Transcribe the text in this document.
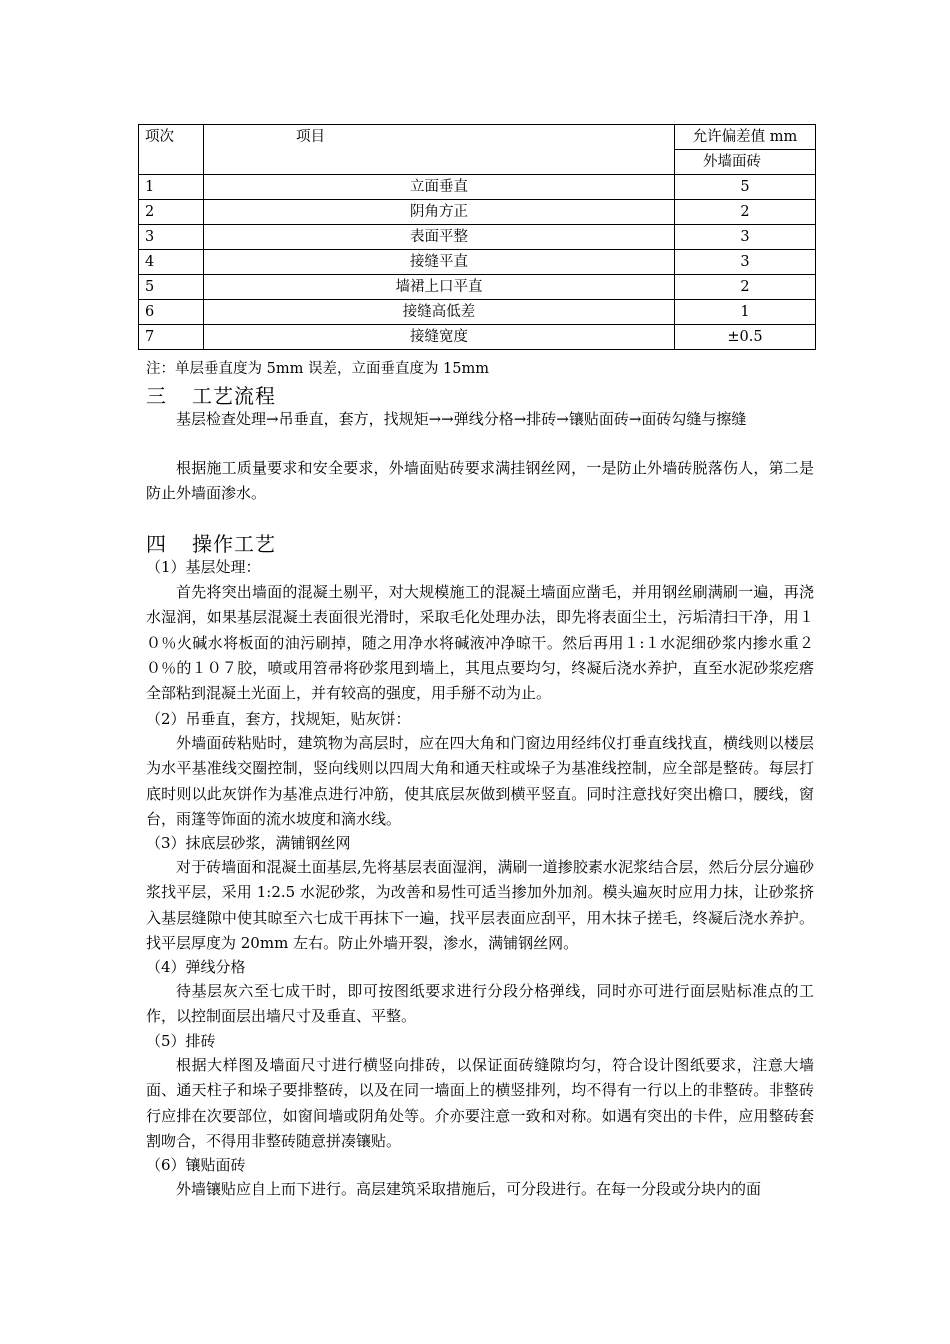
项次	项目	允许偏差值 mm
		外墙面砖
1	立面垂直	5
2	阴角方正	2
3	表面平整	3
4	接缝平直	3
5	墙裙上口平直	2
6	接缝高低差	1
7	接缝宽度	±0.5
注：单层垂直度为 5mm 误差，立面垂直度为 15mm
三 工艺流程
基层检查处理→吊垂直，套方，找规矩→→弹线分格→排砖→镶贴面砖→面砖勾缝与擦缝
根据施工质量要求和安全要求，外墙面贴砖要求满挂钢丝网，一是防止外墙砖脱落伤人，第二是防止外墙面渗水。
四 操作工艺
（1）基层处理：
首先将突出墙面的混凝土剔平，对大规模施工的混凝土墙面应凿毛，并用钢丝刷满刷一遍，再浇水湿润，如果基层混凝土表面很光滑时，采取毛化处理办法，即先将表面尘土，污垢清扫干净，用１０％火碱水将板面的油污刷掉，随之用净水将碱液冲净晾干。然后再用１:１水泥细砂浆内掺水重２０％的１０７胶，喷或用笤帚将砂浆甩到墙上，其甩点要均匀，终凝后浇水养护，直至水泥砂浆疙瘩全部粘到混凝土光面上，并有较高的强度，用手掰不动为止。
（2）吊垂直，套方，找规矩，贴灰饼：
外墙面砖粘贴时，建筑物为高层时，应在四大角和门窗边用经纬仪打垂直线找直，横线则以楼层为水平基准线交圈控制，竖向线则以四周大角和通天柱或垛子为基准线控制，应全部是整砖。每层打底时则以此灰饼作为基准点进行冲筋，使其底层灰做到横平竖直。同时注意找好突出檐口，腰线，窗台，雨篷等饰面的流水坡度和滴水线。
（3）抹底层砂浆，满铺钢丝网
对于砖墙面和混凝土面基层,先将基层表面湿润，满刷一道掺胶素水泥浆结合层，然后分层分遍砂浆找平层，采用 1:2.5 水泥砂浆，为改善和易性可适当掺加外加剂。模头遍灰时应用力抹，让砂浆挤入基层缝隙中使其晾至六七成干再抹下一遍，找平层表面应刮平，用木抹子搓毛，终凝后浇水养护。找平层厚度为 20mm 左右。防止外墙开裂，渗水，满铺钢丝网。
（4）弹线分格
待基层灰六至七成干时，即可按图纸要求进行分段分格弹线，同时亦可进行面层贴标准点的工作，以控制面层出墙尺寸及垂直、平整。
（5）排砖
根据大样图及墙面尺寸进行横竖向排砖，以保证面砖缝隙均匀，符合设计图纸要求，注意大墙面、通天柱子和垛子要排整砖，以及在同一墙面上的横竖排列，均不得有一行以上的非整砖。非整砖行应排在次要部位，如窗间墙或阴角处等。介亦要注意一致和对称。如遇有突出的卡件，应用整砖套割吻合，不得用非整砖随意拼凑镶贴。
（6）镶贴面砖
外墙镶贴应自上而下进行。高层建筑采取措施后，可分段进行。在每一分段或分块内的面
